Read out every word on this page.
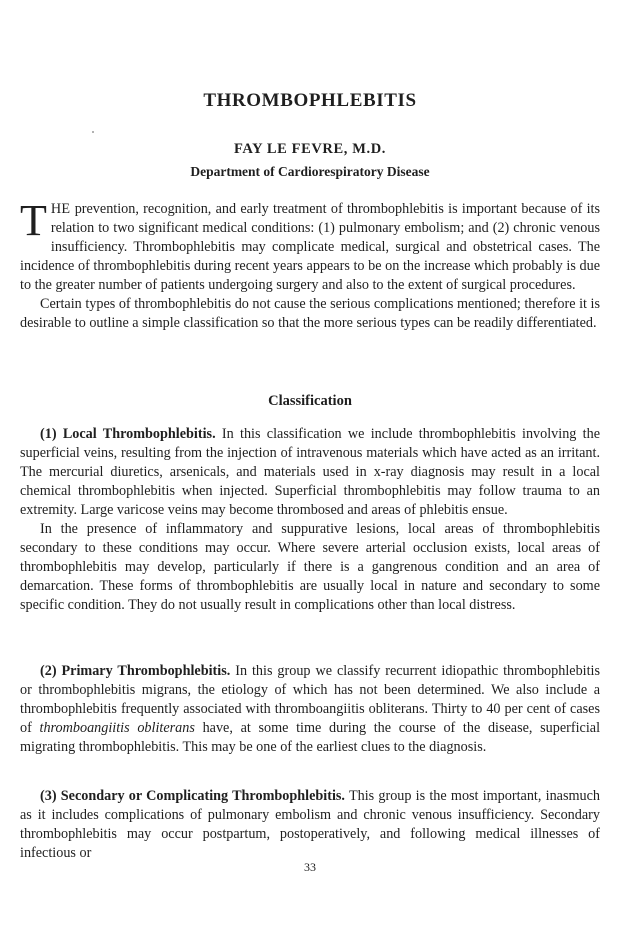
THROMBOPHLEBITIS
FAY LE FEVRE, M.D.
Department of Cardiorespiratory Disease

THE prevention, recognition, and early treatment of thrombophlebitis is important because of its relation to two significant medical conditions: (1) pulmonary embolism; and (2) chronic venous insufficiency. Thrombophlebitis may complicate medical, surgical and obstetrical cases. The incidence of thrombophlebitis during recent years appears to be on the increase which probably is due to the greater number of patients undergoing surgery and also to the extent of surgical procedures.

Certain types of thrombophlebitis do not cause the serious complications mentioned; therefore it is desirable to outline a simple classification so that the more serious types can be readily differentiated.

Classification

(1) Local Thrombophlebitis. In this classification we include thrombophlebitis involving the superficial veins, resulting from the injection of intravenous materials which have acted as an irritant. The mercurial diuretics, arsenicals, and materials used in x-ray diagnosis may result in a local chemical thrombophlebitis when injected. Superficial thrombophlebitis may follow trauma to an extremity. Large varicose veins may become thrombosed and areas of phlebitis ensue.

In the presence of inflammatory and suppurative lesions, local areas of thrombophlebitis secondary to these conditions may occur. Where severe arterial occlusion exists, local areas of thrombophlebitis may develop, particularly if there is a gangrenous condition and an area of demarcation. These forms of thrombophlebitis are usually local in nature and secondary to some specific condition. They do not usually result in complications other than local distress.

(2) Primary Thrombophlebitis. In this group we classify recurrent idiopathic thrombophlebitis or thrombophlebitis migrans, the etiology of which has not been determined. We also include a thrombophlebitis frequently associated with thromboangiitis obliterans. Thirty to 40 per cent of cases of thromboangiitis obliterans have, at some time during the course of the disease, superficial migrating thrombophlebitis. This may be one of the earliest clues to the diagnosis.

(3) Secondary or Complicating Thrombophlebitis. This group is the most important, inasmuch as it includes complications of pulmonary embolism and chronic venous insufficiency. Secondary thrombophlebitis may occur postpartum, postoperatively, and following medical illnesses of infectious or

33
